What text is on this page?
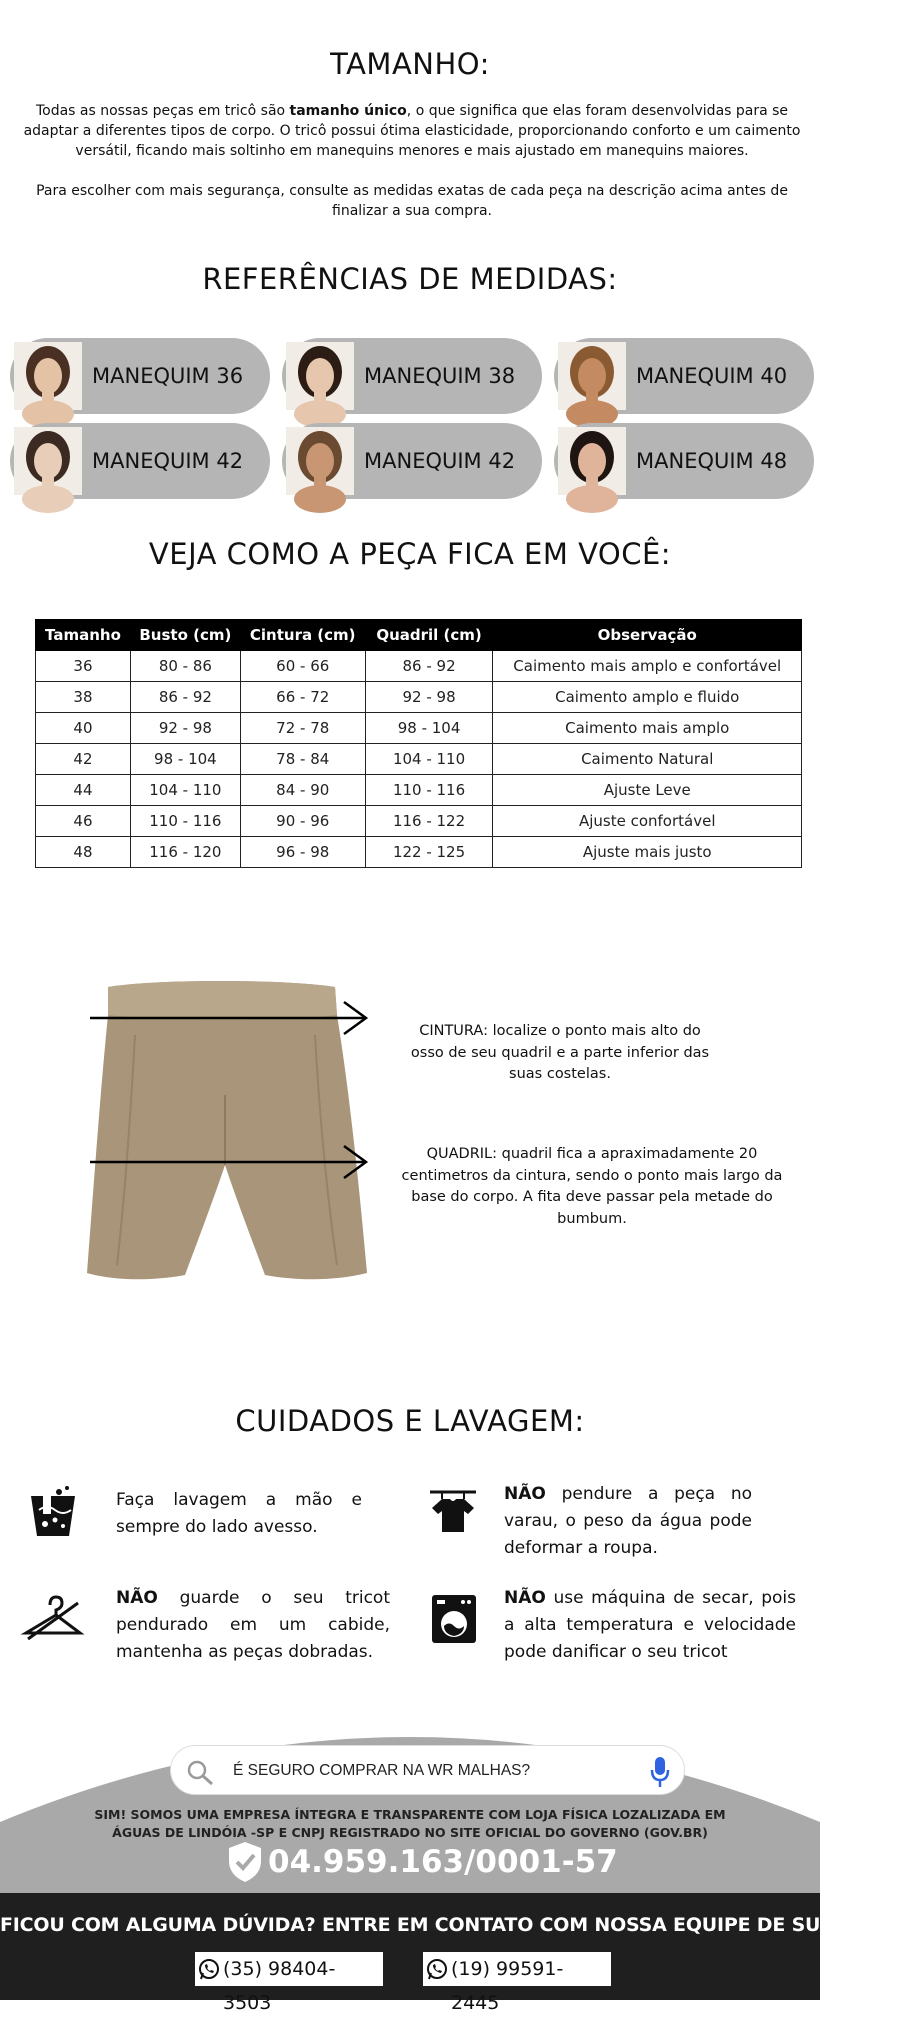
TAMANHO:

Todas as nossas peças em tricô são tamanho único, o que significa que elas foram desenvolvidas para se adaptar a diferentes tipos de corpo. O tricô possui ótima elasticidade, proporcionando conforto e um caimento versátil, ficando mais soltinho em manequins menores e mais ajustado em manequins maiores.

Para escolher com mais segurança, consulte as medidas exatas de cada peça na descrição acima antes de finalizar a sua compra.

REFERÊNCIAS DE MEDIDAS:
MANEQUIM 36	MANEQUIM 38	MANEQUIM 40
MANEQUIM 42	MANEQUIM 42	MANEQUIM 48
VEJA COMO A PEÇA FICA EM VOCÊ:
Tamanho	Busto (cm)	Cintura (cm)	Quadril (cm)	Observação
36	80 - 86	60 - 66	86 - 92	Caimento mais amplo e confortável
38	86 - 92	66 - 72	92 - 98	Caimento amplo e fluido
40	92 - 98	72 - 78	98 - 104	Caimento mais amplo
42	98 - 104	78 - 84	104 - 110	Caimento Natural
44	104 - 110	84 - 90	110 - 116	Ajuste Leve
46	110 - 116	90 - 96	116 - 122	Ajuste confortável
48	116 - 120	96 - 98	122 - 125	Ajuste mais justo

CINTURA: localize o ponto mais alto do osso de seu quadril e a parte inferior das suas costelas.

QUADRIL: quadril fica a apraximadamente 20 centimetros da cintura, sendo o ponto mais largo da base do corpo. A fita deve passar pela metade do bumbum.

CUIDADOS E LAVAGEM:

Faça lavagem a mão e sempre do lado avesso.

NÃO pendure a peça no varau, o peso da água pode deformar a roupa.

NÃO guarde o seu tricot pendurado em um cabide, mantenha as peças dobradas.

NÃO use máquina de secar, pois a alta temperatura e velocidade pode danificar o seu tricot

É SEGURO COMPRAR NA WR MALHAS?

SIM! SOMOS UMA EMPRESA ÍNTEGRA E TRANSPARENTE COM LOJA FÍSICA LOZALIZADA EM
ÁGUAS DE LINDÓIA -SP E CNPJ REGISTRADO NO SITE OFICIAL DO GOVERNO (GOV.BR)

04.959.163/0001-57

FICOU COM ALGUMA DÚVIDA? ENTRE EM CONTATO COM NOSSA EQUIPE DE SUPORTE!

(35) 98404-3503
(19) 99591-2445
